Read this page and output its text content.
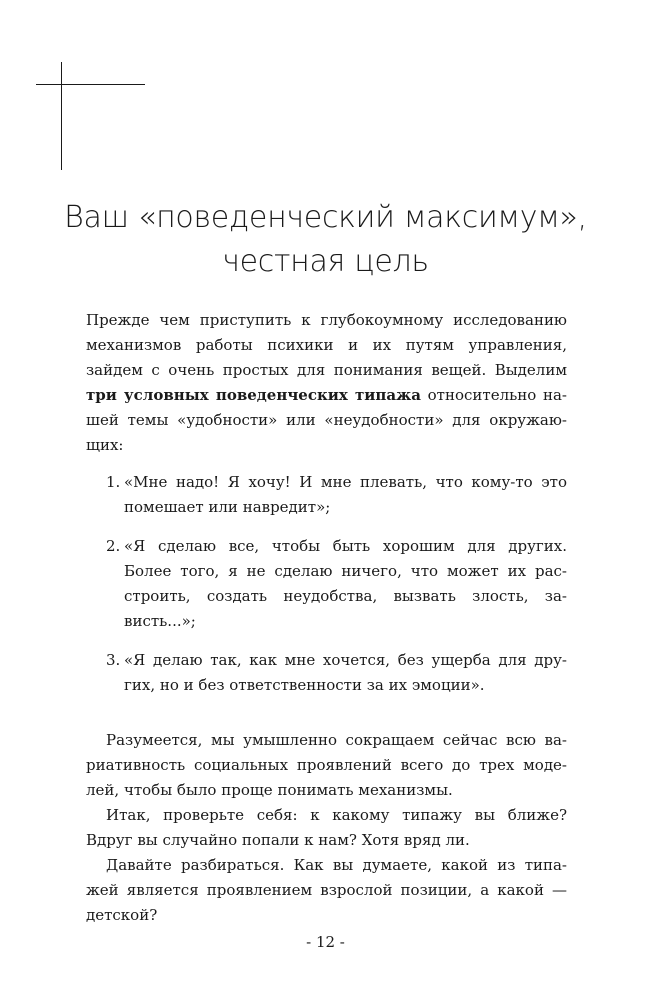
Ваш «поведенческий максимум»,
честная цель

Прежде чем приступить к глубокоумному исследованию
механизмов работы психики и их путям управления,
зайдем с очень простых для понимания вещей. Выделим
три условных поведенческих типажа относительно на-
шей темы «удобности» или «неудобности» для окружаю-
щих:

1. «Мне надо! Я хочу! И мне плевать, что кому-то это
помешает или навредит»;
2. «Я сделаю все, чтобы быть хорошим для других.
Более того, я не сделаю ничего, что может их рас-
строить, создать неудобства, вызвать злость, за-
висть...»;
3. «Я делаю так, как мне хочется, без ущерба для дру-
гих, но и без ответственности за их эмоции».

Разумеется, мы умышленно сокращаем сейчас всю ва-
риативность социальных проявлений всего до трех моде-
лей, чтобы было проще понимать механизмы.

Итак, проверьте себя: к какому типажу вы ближе?
Вдруг вы случайно попали к нам? Хотя вряд ли.

Давайте разбираться. Как вы думаете, какой из типа-
жей является проявлением взрослой позиции, а какой —
детской?

- 12 -
